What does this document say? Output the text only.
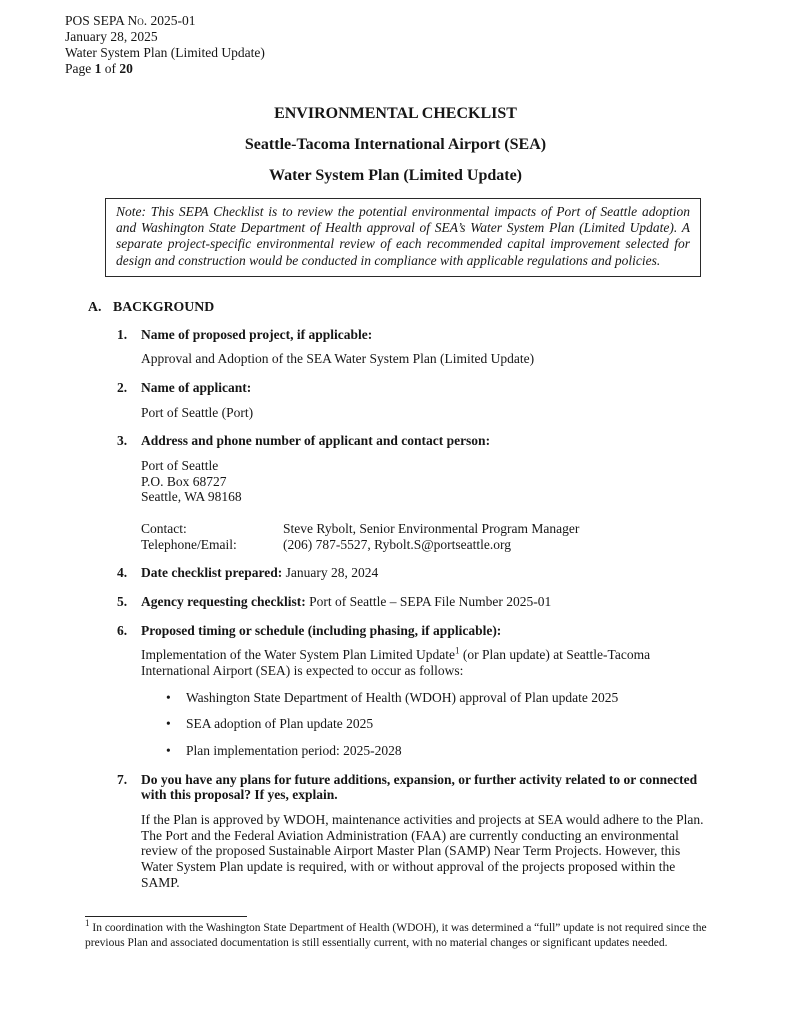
POS SEPA No. 2025-01
January 28, 2025
Water System Plan (Limited Update)
Page 1 of 20
ENVIRONMENTAL CHECKLIST
Seattle-Tacoma International Airport (SEA)
Water System Plan (Limited Update)
Note: This SEPA Checklist is to review the potential environmental impacts of Port of Seattle adoption and Washington State Department of Health approval of SEA’s Water System Plan (Limited Update). A separate project-specific environmental review of each recommended capital improvement selected for design and construction would be conducted in compliance with applicable regulations and policies.
A. BACKGROUND
1.	Name of proposed project, if applicable:
Approval and Adoption of the SEA Water System Plan (Limited Update)
2.	Name of applicant:
Port of Seattle (Port)
3.	Address and phone number of applicant and contact person:
Port of Seattle
P.O. Box 68727
Seattle, WA 98168
Contact:	Steve Rybolt, Senior Environmental Program Manager
Telephone/Email:	(206) 787-5527, Rybolt.S@portseattle.org
4.	Date checklist prepared: January 28, 2024
5.	Agency requesting checklist: Port of Seattle – SEPA File Number 2025-01
6.	Proposed timing or schedule (including phasing, if applicable):
Implementation of the Water System Plan Limited Update$^1$ (or Plan update) at Seattle-Tacoma International Airport (SEA) is expected to occur as follows:
•	Washington State Department of Health (WDOH) approval of Plan update 2025
•	SEA adoption of Plan update 2025
•	Plan implementation period: 2025-2028
7.	Do you have any plans for future additions, expansion, or further activity related to or connected with this proposal? If yes, explain.
If the Plan is approved by WDOH, maintenance activities and projects at SEA would adhere to the Plan. The Port and the Federal Aviation Administration (FAA) are currently conducting an environmental review of the proposed Sustainable Airport Master Plan (SAMP) Near Term Projects. However, this Water System Plan update is required, with or without approval of the projects proposed within the SAMP.
$^1$ In coordination with the Washington State Department of Health (WDOH), it was determined a “full” update is not required since the previous Plan and associated documentation is still essentially current, with no material changes or significant updates needed.
